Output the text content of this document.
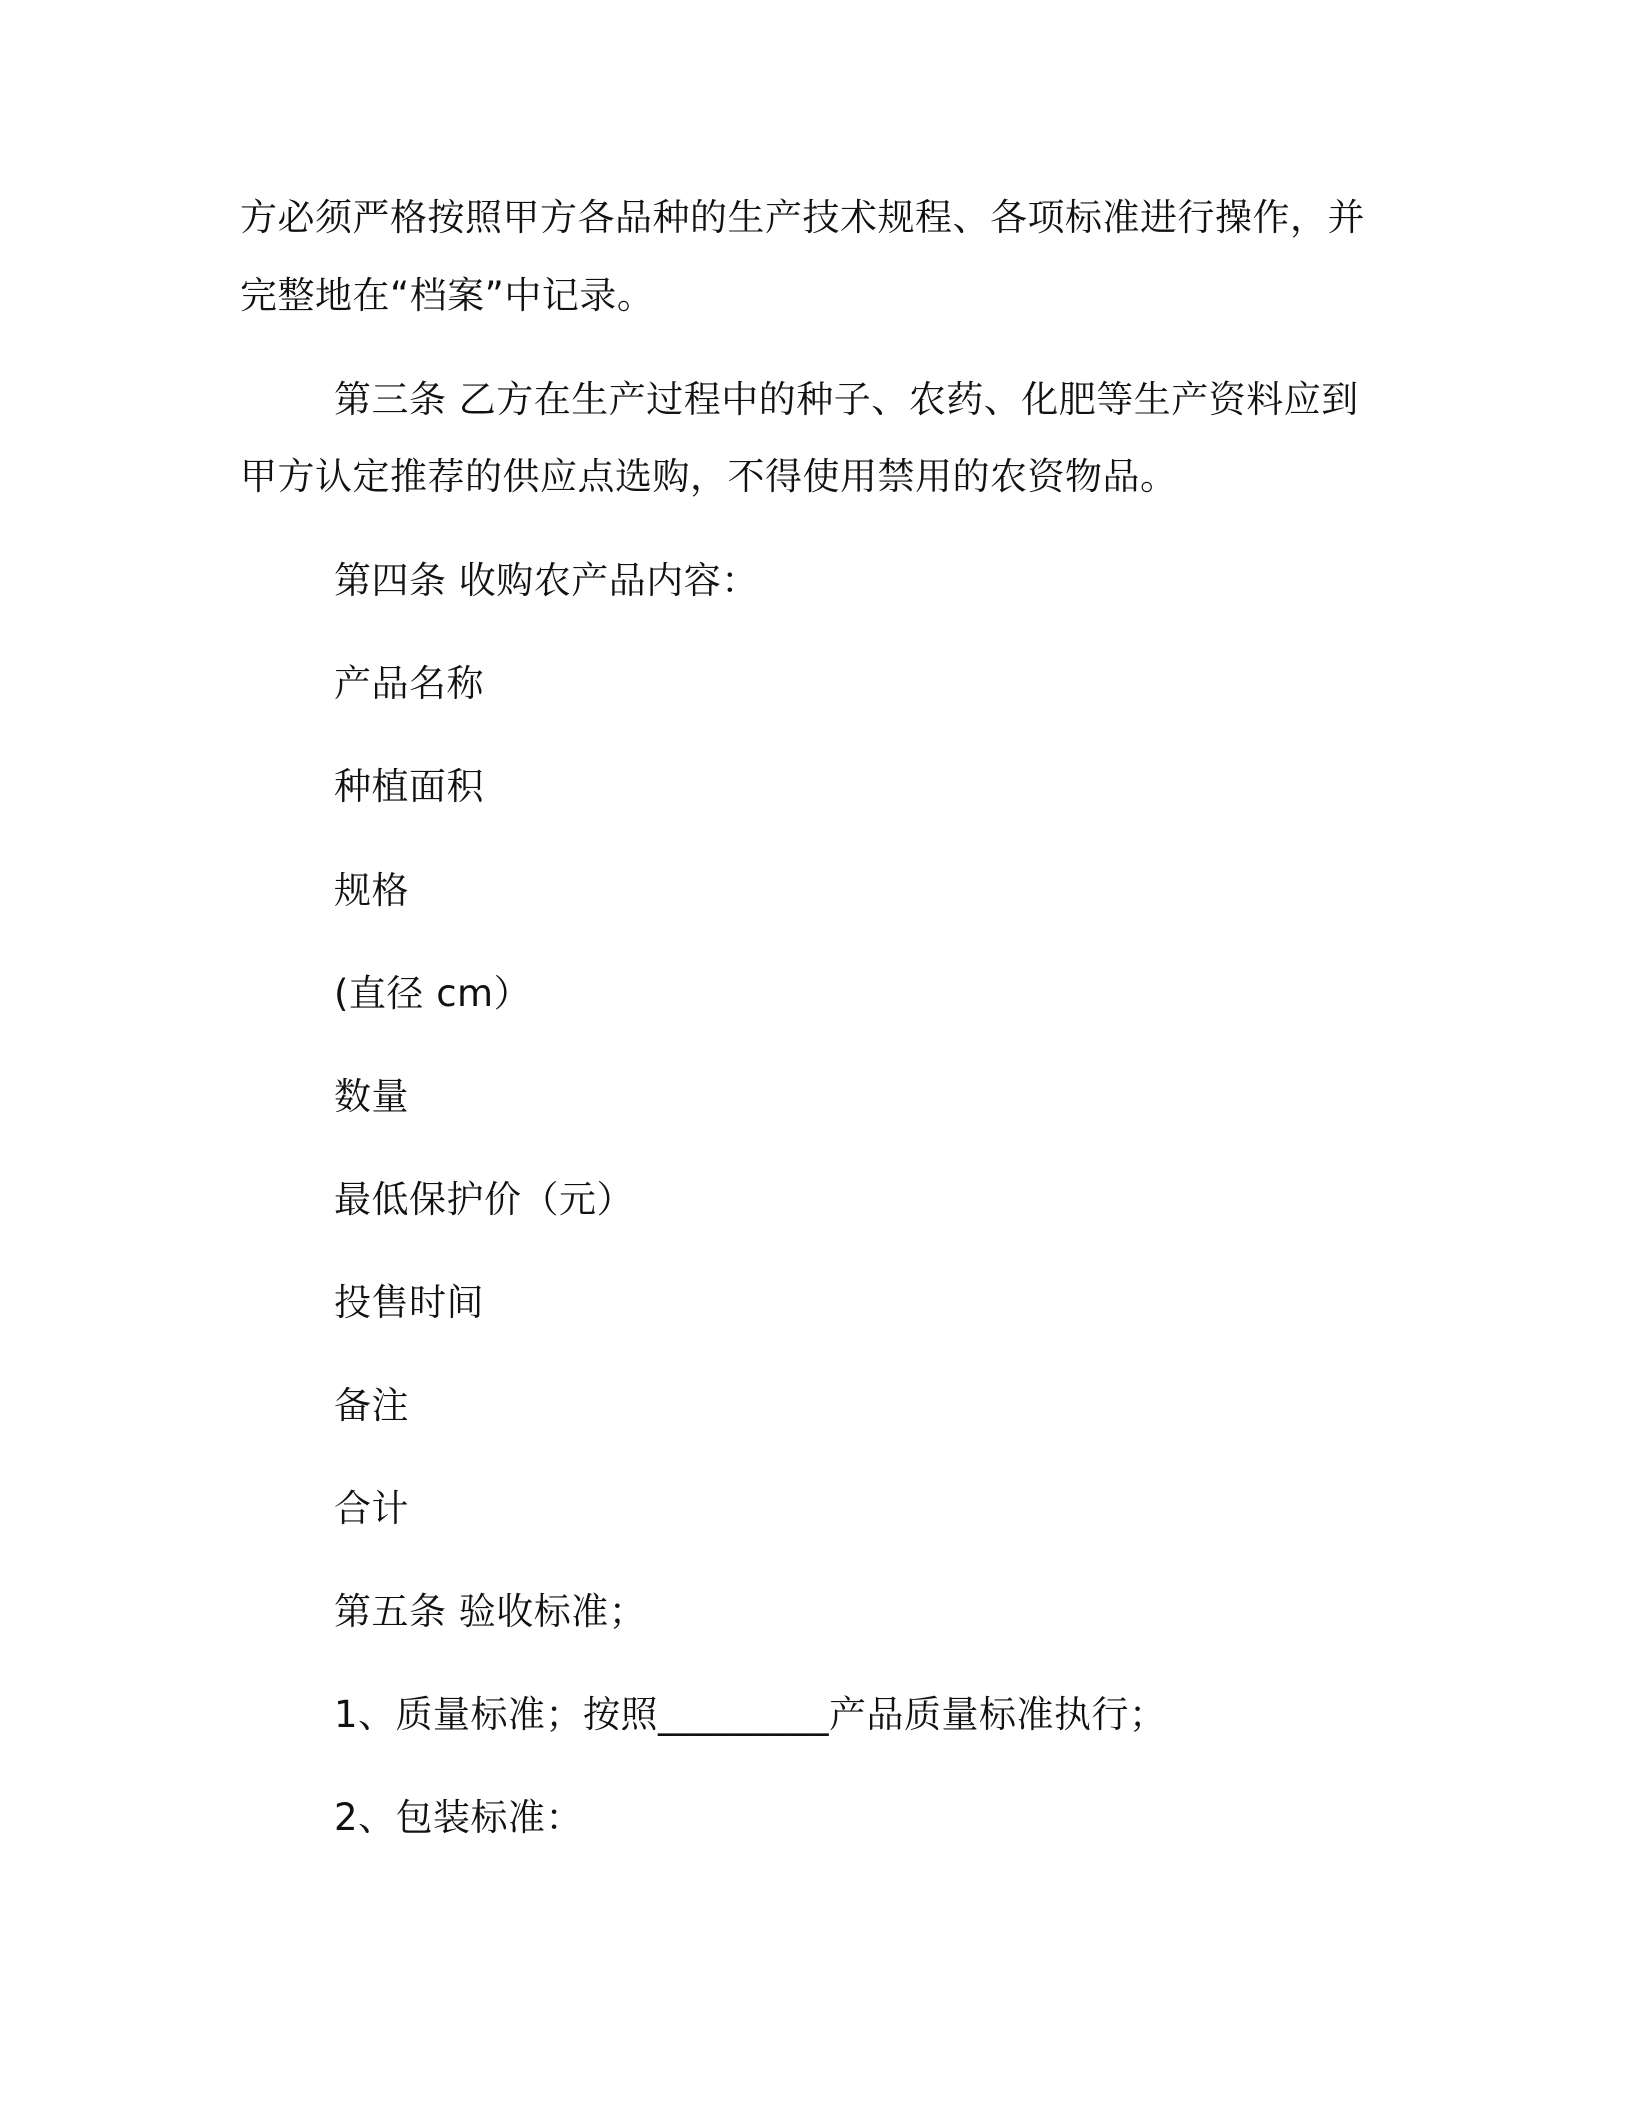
方必须严格按照甲方各品种的生产技术规程、各项标准进行操作，并
完整地在“档案”中记录。
第三条 乙方在生产过程中的种子、农药、化肥等生产资料应到
甲方认定推荐的供应点选购，不得使用禁用的农资物品。
第四条 收购农产品内容：
产品名称
种植面积
规格
(直径 cm）
数量
最低保护价（元）
投售时间
备注
合计
第五条 验收标准；
1、质量标准；按照_________产品质量标准执行；
2、包装标准：
